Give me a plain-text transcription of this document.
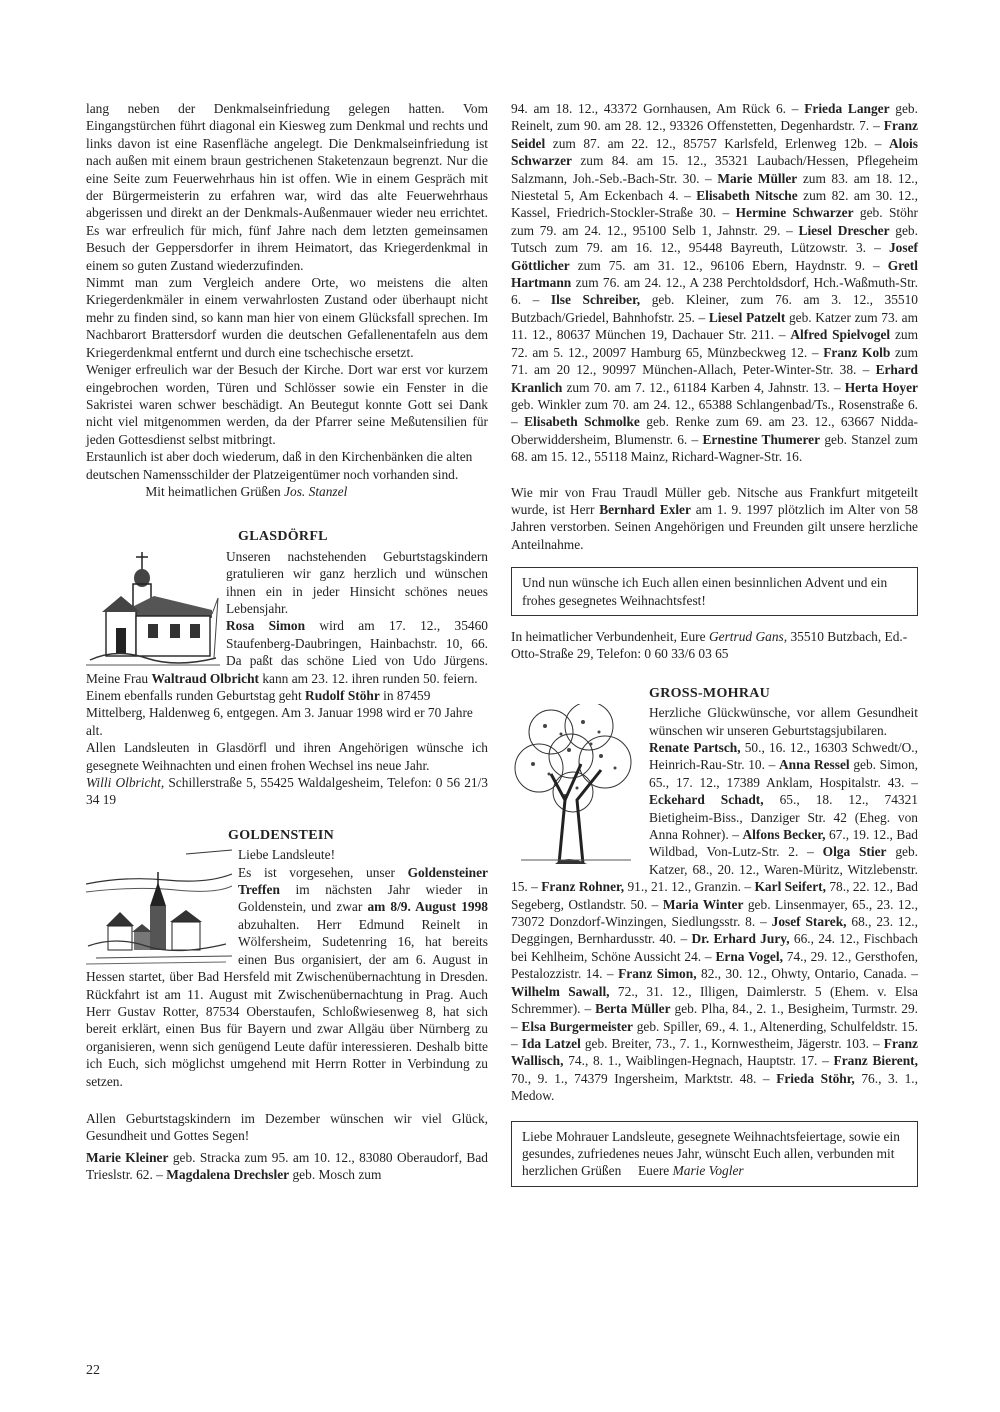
lang neben der Denkmalseinfriedung gelegen hatten. Vom Eingangstürchen führt diagonal ein Kiesweg zum Denkmal und rechts und links davon ist eine Rasenfläche angelegt. Die Denkmalseinfriedung ist nach außen mit einem braun gestrichenen Staketenzaun begrenzt. Nur die eine Seite zum Feuerwehrhaus hin ist offen. Wie in einem Gespräch mit der Bürgermeisterin zu erfahren war, wird das alte Feuerwehrhaus abgerissen und direkt an der Denkmals-Außenmauer wieder neu errichtet. Es war erfreulich für mich, fünf Jahre nach dem letzten gemeinsamen Besuch der Geppersdorfer in ihrem Heimatort, das Kriegerdenkmal in einem so guten Zustand wiederzufinden.

Nimmt man zum Vergleich andere Orte, wo meistens die alten Kriegerdenkmäler in einem verwahrlosten Zustand oder überhaupt nicht mehr zu finden sind, so kann man hier von einem Glücksfall sprechen. Im Nachbarort Brattersdorf wurden die deutschen Gefallenentafeln aus dem Kriegerdenkmal entfernt und durch eine tschechische ersetzt.

Weniger erfreulich war der Besuch der Kirche. Dort war erst vor kurzem eingebrochen worden, Türen und Schlösser sowie ein Fenster in die Sakristei waren schwer beschädigt. An Beutegut konnte Gott sei Dank nicht viel mitgenommen werden, da der Pfarrer seine Meßutensilien für jeden Gottesdienst selbst mitbringt.

Erstaunlich ist aber doch wiederum, daß in den Kirchenbänken die alten deutschen Namensschilder der Platzeigentümer noch vorhanden sind.  Mit heimatlichen Grüßen Jos. Stanzel

GLASDÖRFL

Unseren nachstehenden Geburtstagskindern gratulieren wir ganz herzlich und wünschen ihnen ein in jeder Hinsicht schönes neues Lebensjahr.

Rosa Simon wird am 17. 12., 35460 Staufenberg-Daubringen, Hainbachstr. 10, 66. Da paßt das schöne Lied von Udo Jürgens. Meine Frau Waltraud Olbricht kann am 23. 12. ihren runden 50. feiern.

Einem ebenfalls runden Geburtstag geht Rudolf Stöhr in 87459 Mittelberg, Haldenweg 6, entgegen. Am 3. Januar 1998 wird er 70 Jahre alt.

Allen Landsleuten in Glasdörfl und ihren Angehörigen wünsche ich gesegnete Weihnachten und einen frohen Wechsel ins neue Jahr.

Willi Olbricht, Schillerstraße 5, 55425 Waldalgesheim, Telefon: 0 56 21/3 34 19

GOLDENSTEIN

Liebe Landsleute!

Es ist vorgesehen, unser Goldensteiner Treffen im nächsten Jahr wieder in Goldenstein, und zwar am 8/9. August 1998 abzuhalten. Herr Edmund Reinelt in Wölfersheim, Sudetenring 16, hat bereits einen Bus organisiert, der am 6. August in Hessen startet, über Bad Hersfeld mit Zwischenübernachtung in Dresden. Rückfahrt ist am 11. August mit Zwischenübernachtung in Prag. Auch Herr Gustav Rotter, 87534 Oberstaufen, Schloßwiesenweg 8, hat sich bereit erklärt, einen Bus für Bayern und zwar Allgäu über Nürnberg zu organisieren, wenn sich genügend Leute dafür interessieren. Deshalb bitte ich Euch, sich möglichst umgehend mit Herrn Rotter in Verbindung zu setzen.

Allen Geburtstagskindern im Dezember wünschen wir viel Glück, Gesundheit und Gottes Segen!

Marie Kleiner geb. Stracka zum 95. am 10. 12., 83080 Oberaudorf, Bad Trieslstr. 62. – Magdalena Drechsler geb. Mosch zum

94. am 18. 12., 43372 Gornhausen, Am Rück 6. – Frieda Langer geb. Reinelt, zum 90. am 28. 12., 93326 Offenstetten, Degenhardstr. 7. – Franz Seidel zum 87. am 22. 12., 85757 Karlsfeld, Erlenweg 12b. – Alois Schwarzer zum 84. am 15. 12., 35321 Laubach/Hessen, Pflegeheim Salzmann, Joh.-Seb.-Bach-Str. 30. – Marie Müller zum 83. am 18. 12., Niestetal 5, Am Eckenbach 4. – Elisabeth Nitsche zum 82. am 30. 12., Kassel, Friedrich-Stockler-Straße 30. – Hermine Schwarzer geb. Stöhr zum 79. am 24. 12., 95100 Selb 1, Jahnstr. 29. – Liesel Drescher geb. Tutsch zum 79. am 16. 12., 95448 Bayreuth, Lützowstr. 3. – Josef Göttlicher zum 75. am 31. 12., 96106 Ebern, Haydnstr. 9. – Gretl Hartmann zum 76. am 24. 12., A 238 Perchtoldsdorf, Hch.-Waßmuth-Str. 6. – Ilse Schreiber, geb. Kleiner, zum 76. am 3. 12., 35510 Butzbach/Griedel, Bahnhofstr. 25. – Liesel Patzelt geb. Katzer zum 73. am 11. 12., 80637 München 19, Dachauer Str. 211. – Alfred Spielvogel zum 72. am 5. 12., 20097 Hamburg 65, Münzbeckweg 12. – Franz Kolb zum 71. am 20 12., 90997 München-Allach, Peter-Winter-Str. 38. – Erhard Kranlich zum 70. am 7. 12., 61184 Karben 4, Jahnstr. 13. – Herta Hoyer geb. Winkler zum 70. am 24. 12., 65388 Schlangenbad/Ts., Rosenstraße 6. – Elisabeth Schmolke geb. Renke zum 69. am 23. 12., 63667 Nidda-Oberwiddersheim, Blumenstr. 6. – Ernestine Thumerer geb. Stanzel zum 68. am 15. 12., 55118 Mainz, Richard-Wagner-Str. 16.

Wie mir von Frau Traudl Müller geb. Nitsche aus Frankfurt mitgeteilt wurde, ist Herr Bernhard Exler am 1. 9. 1997 plötzlich im Alter von 58 Jahren verstorben. Seinen Angehörigen und Freunden gilt unsere herzliche Anteilnahme.

Und nun wünsche ich Euch allen einen besinnlichen Advent und ein frohes gesegnetes Weihnachtsfest!

In heimatlicher Verbundenheit, Eure Gertrud Gans, 35510 Butzbach, Ed.-Otto-Straße 29, Telefon: 0 60 33/6 03 65

GROSS-MOHRAU

Herzliche Glückwünsche, vor allem Gesundheit wünschen wir unseren Geburtstagsjubilaren.

Renate Partsch, 50., 16. 12., 16303 Schwedt/O., Heinrich-Rau-Str. 10. – Anna Ressel geb. Simon, 65., 17. 12., 17389 Anklam, Hospitalstr. 43. – Eckehard Schadt, 65., 18. 12., 74321 Bietigheim-Biss., Danziger Str. 42 (Eheg. von Anna Rohner). – Alfons Becker, 67., 19. 12., Bad Wildbad, Von-Lutz-Str. 2. – Olga Stier geb. Katzer, 68., 20. 12., Waren-Müritz, Witzlebenstr. 15. – Franz Rohner, 91., 21. 12., Granzin. – Karl Seifert, 78., 22. 12., Bad Segeberg, Ostlandstr. 50. – Maria Winter geb. Linsenmayer, 65., 23. 12., 73072 Donzdorf-Winzingen, Siedlungsstr. 8. – Josef Starek, 68., 23. 12., Deggingen, Bernhardusstr. 40. – Dr. Erhard Jury, 66., 24. 12., Fischbach bei Kehlheim, Schöne Aussicht 24. – Erna Vogel, 74., 29. 12., Gersthofen, Pestalozzistr. 14. – Franz Simon, 82., 30. 12., Ohwty, Ontario, Canada. – Wilhelm Sawall, 72., 31. 12., Illigen, Daimlerstr. 5 (Ehem. v. Elsa Schremmer). – Berta Müller geb. Plha, 84., 2. 1., Besigheim, Turmstr. 29. – Elsa Burgermeister geb. Spiller, 69., 4. 1., Altenerding, Schulfeldstr. 15. – Ida Latzel geb. Breiter, 73., 7. 1., Kornwestheim, Jägerstr. 103. – Franz Wallisch, 74., 8. 1., Waiblingen-Hegnach, Hauptstr. 17. – Franz Bierent, 70., 9. 1., 74379 Ingersheim, Marktstr. 48. – Frieda Stöhr, 76., 3. 1., Medow.

Liebe Mohrauer Landsleute, gesegnete Weihnachtsfeiertage, sowie ein gesundes, zufriedenes neues Jahr, wünscht Euch allen, verbunden mit herzlichen Grüßen Euere Marie Vogler
22
